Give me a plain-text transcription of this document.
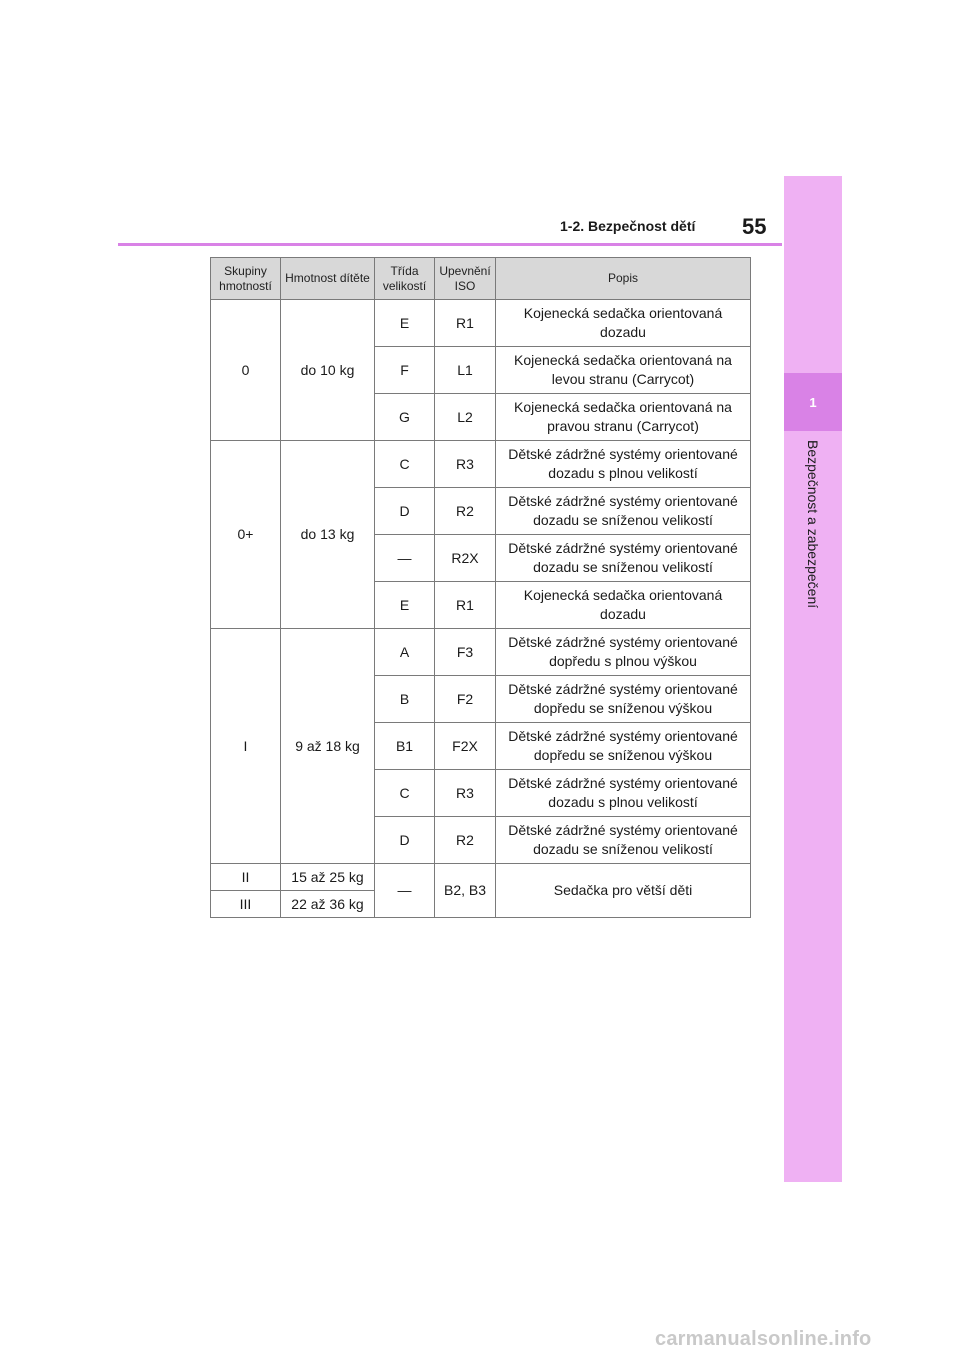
1
Bezpečnost a zabezpečení
1-2. Bezpečnost dětí 55
Skupiny hmotností	Hmotnost dítěte	Třída velikostí	Upevnění ISO	Popis
0	do 10 kg	E	R1	Kojenecká sedačka orientovaná dozadu
		F	L1	Kojenecká sedačka orientovaná na levou stranu (Carrycot)
		G	L2	Kojenecká sedačka orientovaná na pravou stranu (Carrycot)
0+	do 13 kg	C	R3	Dětské zádržné systémy orientované dozadu s plnou velikostí
		D	R2	Dětské zádržné systémy orientované dozadu se sníženou velikostí
		—	R2X	Dětské zádržné systémy orientované dozadu se sníženou velikostí
		E	R1	Kojenecká sedačka orientovaná dozadu
I	9 až 18 kg	A	F3	Dětské zádržné systémy orientované dopředu s plnou výškou
		B	F2	Dětské zádržné systémy orientované dopředu se sníženou výškou
		B1	F2X	Dětské zádržné systémy orientované dopředu se sníženou výškou
		C	R3	Dětské zádržné systémy orientované dozadu s plnou velikostí
		D	R2	Dětské zádržné systémy orientované dozadu se sníženou velikostí
II	15 až 25 kg	—	B2, B3	Sedačka pro větší děti
III	22 až 36 kg			
carmanualsonline.info
